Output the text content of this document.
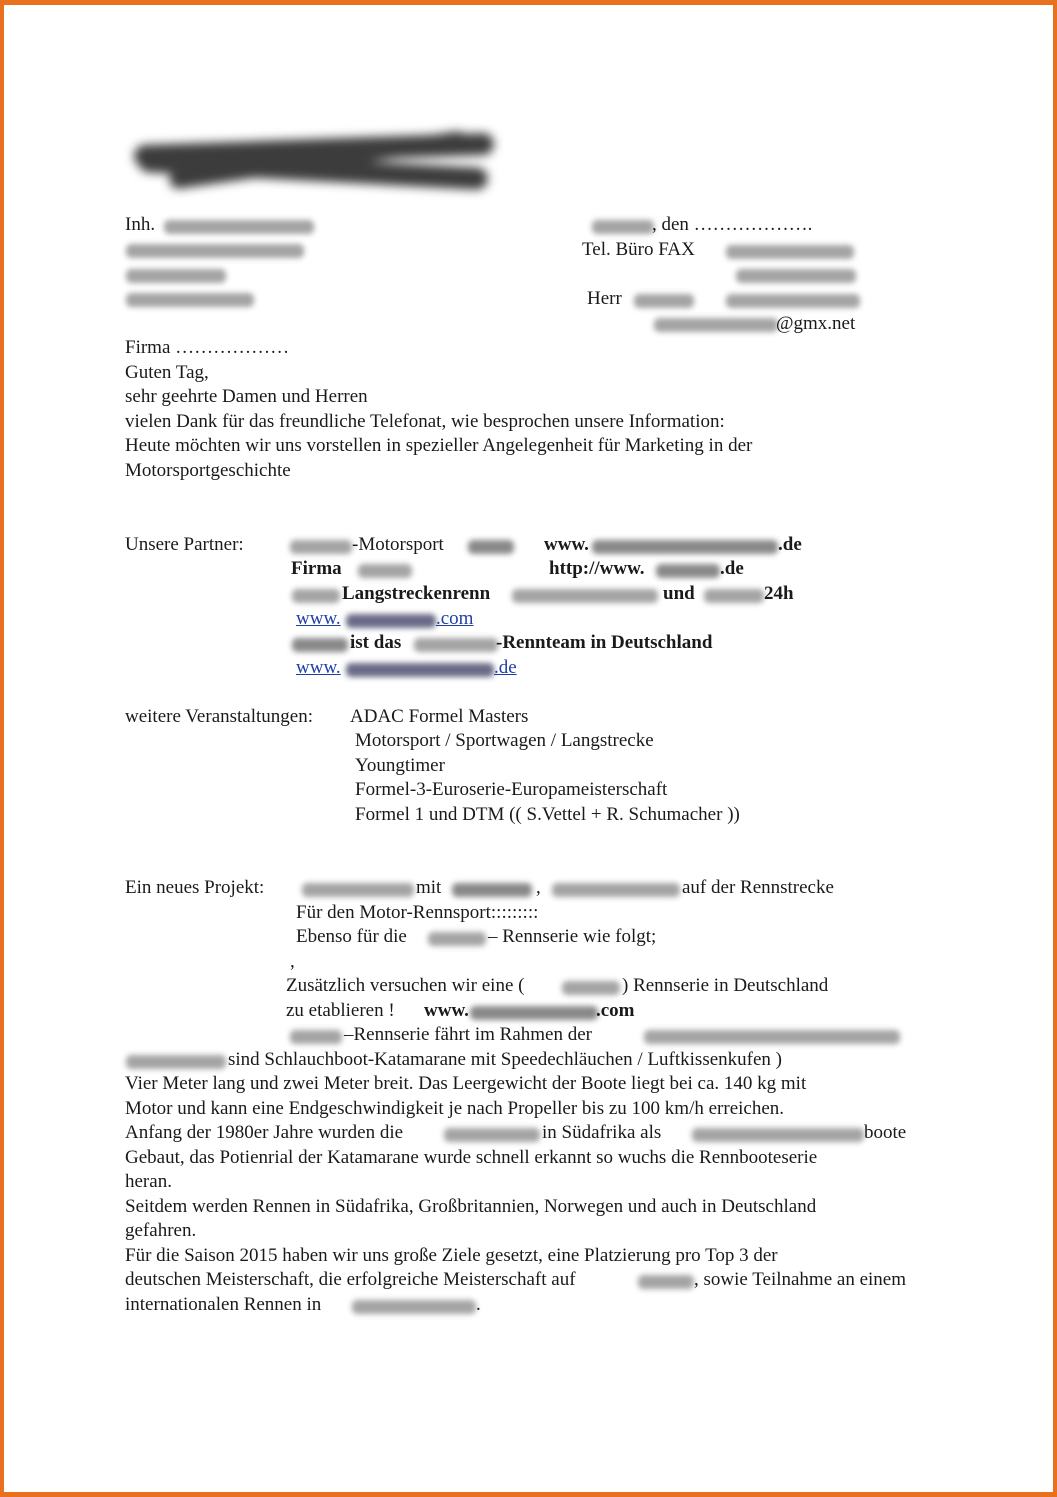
Inh.	, den ……………….
Tel. Büro FAX
Herr
@gmx.net
Firma ………………
Guten Tag,
sehr geehrte Damen und Herren
vielen Dank für das freundliche Telefonat, wie besprochen unsere Information:
Heute möchten wir uns vorstellen in spezieller Angelegenheit für Marketing in der
Motorsportgeschichte
Unsere Partner:	-Motorsport	www.	.de
Firma	http://www.	.de
Langstreckenrenn	und	24h
www.	.com
ist das	-Rennteam in Deutschland
www.	.de
weitere Veranstaltungen: ADAC Formel Masters
Motorsport / Sportwagen / Langstrecke
Youngtimer
Formel-3-Euroserie-Europameisterschaft
Formel 1 und DTM (( S.Vettel + R. Schumacher ))
Ein neues Projekt:	mit	,	auf der Rennstrecke
Für den Motor-Rennsport:::::::::
Ebenso für die	– Rennserie wie folgt;
,
Zusätzlich versuchen wir eine (	) Rennserie in Deutschland
zu etablieren ! www.	.com
–Rennserie fährt im Rahmen der
sind Schlauchboot-Katamarane mit Speedechläuchen / Luftkissenkufen )
Vier Meter lang und zwei Meter breit. Das Leergewicht der Boote liegt bei ca. 140 kg mit
Motor und kann eine Endgeschwindigkeit je nach Propeller bis zu 100 km/h erreichen.
Anfang der 1980er Jahre wurden die	in Südafrika als	boote
Gebaut, das Potienrial der Katamarane wurde schnell erkannt so wuchs die Rennbooteserie
heran.
Seitdem werden Rennen in Südafrika, Großbritannien, Norwegen und auch in Deutschland
gefahren.
Für die Saison 2015 haben wir uns große Ziele gesetzt, eine Platzierung pro Top 3 der
deutschen Meisterschaft, die erfolgreiche Meisterschaft auf	, sowie Teilnahme an einem
internationalen Rennen in	.
